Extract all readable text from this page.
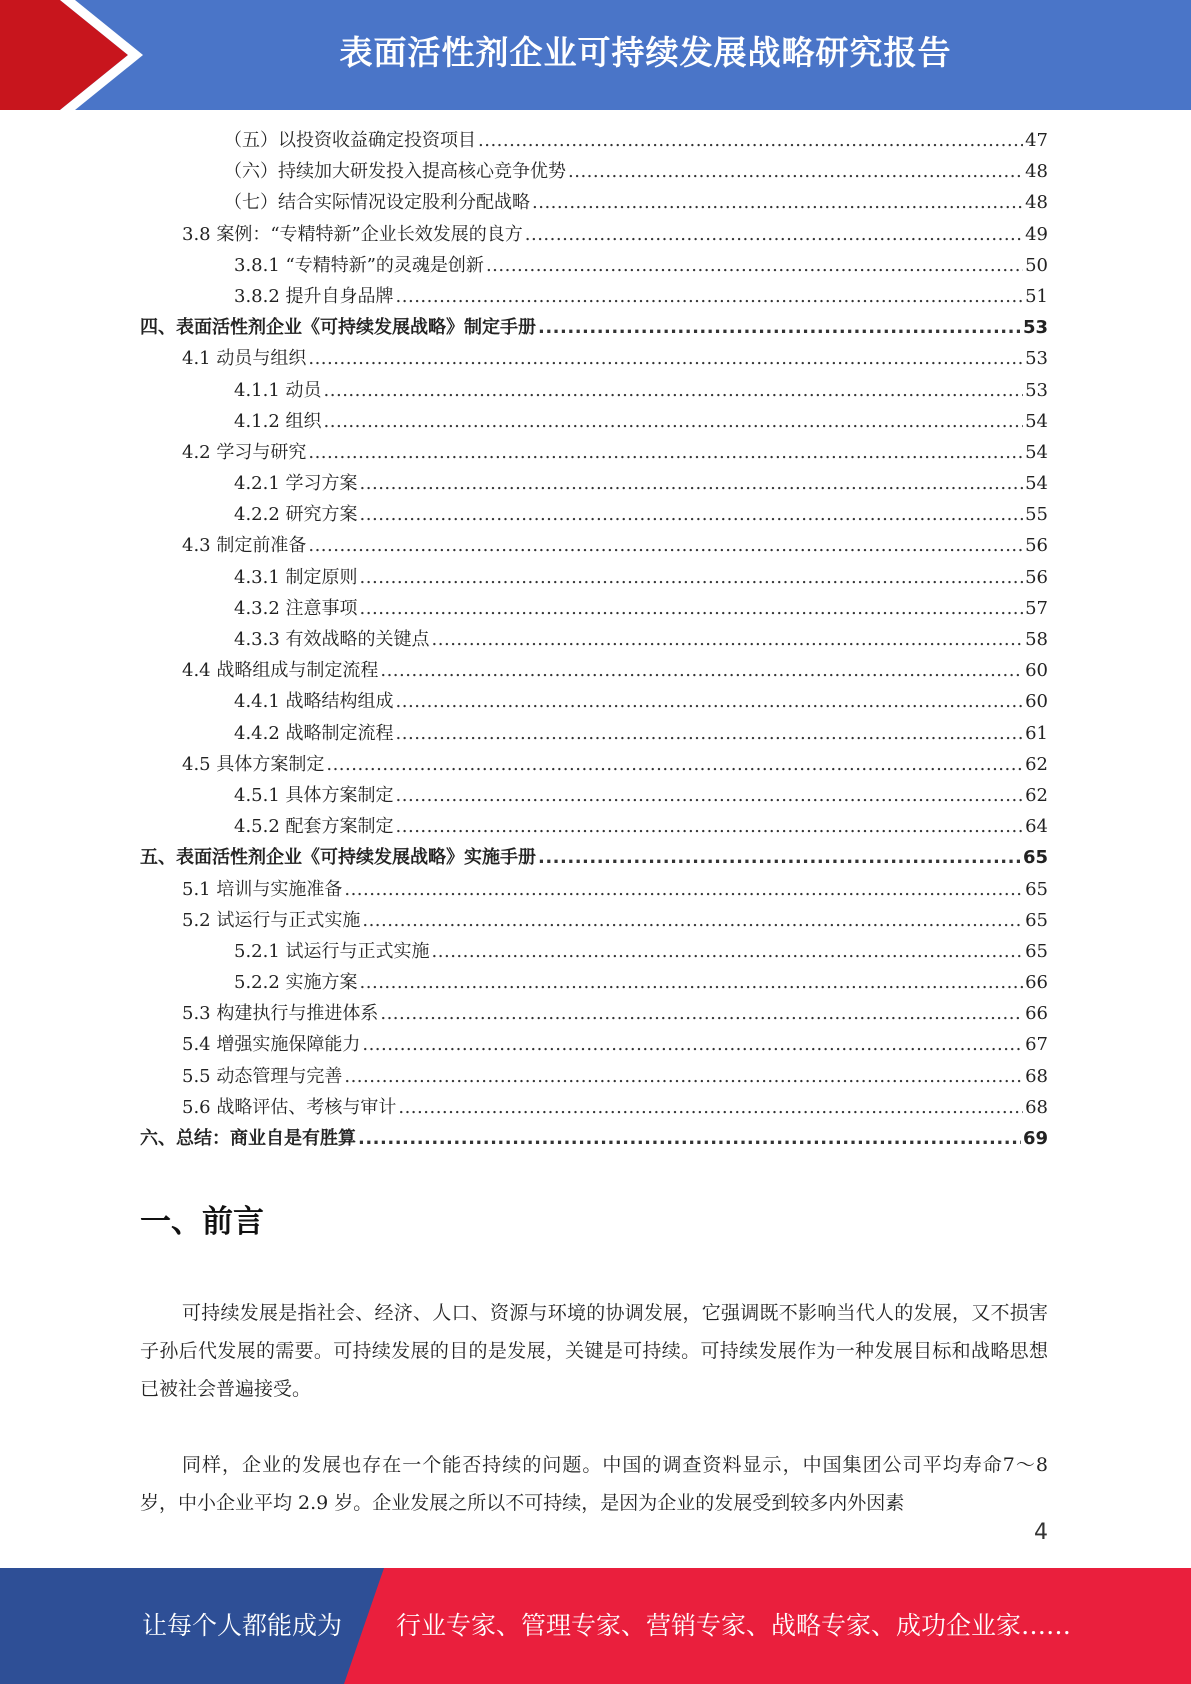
表面活性剂企业可持续发展战略研究报告
（五）以投资收益确定投资项目 .....	47
（六）持续加大研发投入提高核心竞争优势 .....	48
（七）结合实际情况设定股利分配战略 .....	48
3.8 案例：“专精特新”企业长效发展的良方 .....	49
3.8.1 “专精特新”的灵魂是创新 .....	50
3.8.2 提升自身品牌 .....	51
四、表面活性剂企业《可持续发展战略》制定手册 .....	53
4.1 动员与组织 .....	53
4.1.1 动员 .....	53
4.1.2 组织 .....	54
4.2 学习与研究 .....	54
4.2.1 学习方案 .....	54
4.2.2 研究方案 .....	55
4.3 制定前准备 .....	56
4.3.1 制定原则 .....	56
4.3.2 注意事项 .....	57
4.3.3 有效战略的关键点 .....	58
4.4 战略组成与制定流程 .....	60
4.4.1 战略结构组成 .....	60
4.4.2 战略制定流程 .....	61
4.5 具体方案制定 .....	62
4.5.1 具体方案制定 .....	62
4.5.2 配套方案制定 .....	64
五、表面活性剂企业《可持续发展战略》实施手册 .....	65
5.1 培训与实施准备 .....	65
5.2 试运行与正式实施 .....	65
5.2.1 试运行与正式实施 .....	65
5.2.2 实施方案 .....	66
5.3 构建执行与推进体系 .....	66
5.4 增强实施保障能力 .....	67
5.5 动态管理与完善 .....	68
5.6 战略评估、考核与审计 .....	68
六、总结：商业自是有胜算 .....	69
一、前言
可持续发展是指社会、经济、人口、资源与环境的协调发展，它强调既不影响当代人的发展，又不损害子孙后代发展的需要。可持续发展的目的是发展，关键是可持续。可持续发展作为一种发展目标和战略思想已被社会普遍接受。
同样，企业的发展也存在一个能否持续的问题。中国的调查资料显示，中国集团公司平均寿命7～8 岁，中小企业平均 2.9 岁。企业发展之所以不可持续，是因为企业的发展受到较多内外因素
4
让每个人都能成为 行业专家、管理专家、营销专家、战略专家、成功企业家……
